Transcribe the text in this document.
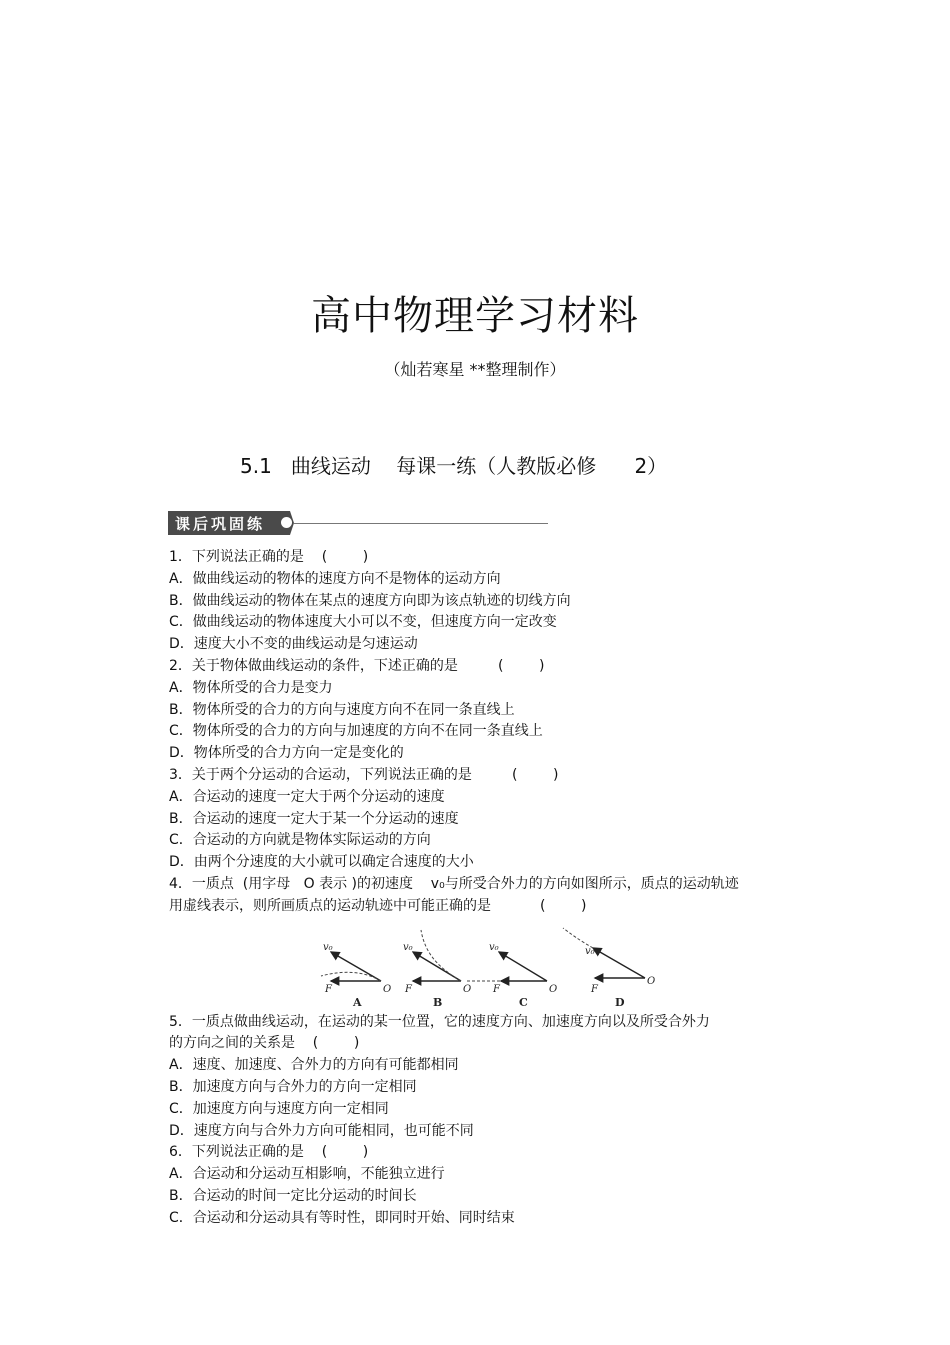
高中物理学习材料
（灿若寒星 **整理制作）
5.1   曲线运动    每课一练（人教版必修      2）
课后巩固练
1．下列说法正确的是    (        )
A．做曲线运动的物体的速度方向不是物体的运动方向
B．做曲线运动的物体在某点的速度方向即为该点轨迹的切线方向
C．做曲线运动的物体速度大小可以不变，但速度方向一定改变
D．速度大小不变的曲线运动是匀速运动
2．关于物体做曲线运动的条件，下述正确的是         (        )
A．物体所受的合力是变力
B．物体所受的合力的方向与速度方向不在同一条直线上
C．物体所受的合力的方向与加速度的方向不在同一条直线上
D．物体所受的合力方向一定是变化的
3．关于两个分运动的合运动，下列说法正确的是         (        )
A．合运动的速度一定大于两个分运动的速度
B．合运动的速度一定大于某一个分运动的速度
C．合运动的方向就是物体实际运动的方向
D．由两个分速度的大小就可以确定合速度的大小
4．一质点  (用字母   O 表示 )的初速度    v₀与所受合外力的方向如图所示，质点的运动轨迹
用虚线表示，则所画质点的运动轨迹中可能正确的是           (        )
v₀
F	O
A
v₀
F	O
B
v₀
F	O
C
v₀
F
O
D
5．一质点做曲线运动，在运动的某一位置，它的速度方向、加速度方向以及所受合外力
的方向之间的关系是    (        )
A．速度、加速度、合外力的方向有可能都相同
B．加速度方向与合外力的方向一定相同
C．加速度方向与速度方向一定相同
D．速度方向与合外力方向可能相同，也可能不同
6．下列说法正确的是    (        )
A．合运动和分运动互相影响，不能独立进行
B．合运动的时间一定比分运动的时间长
C．合运动和分运动具有等时性，即同时开始、同时结束
